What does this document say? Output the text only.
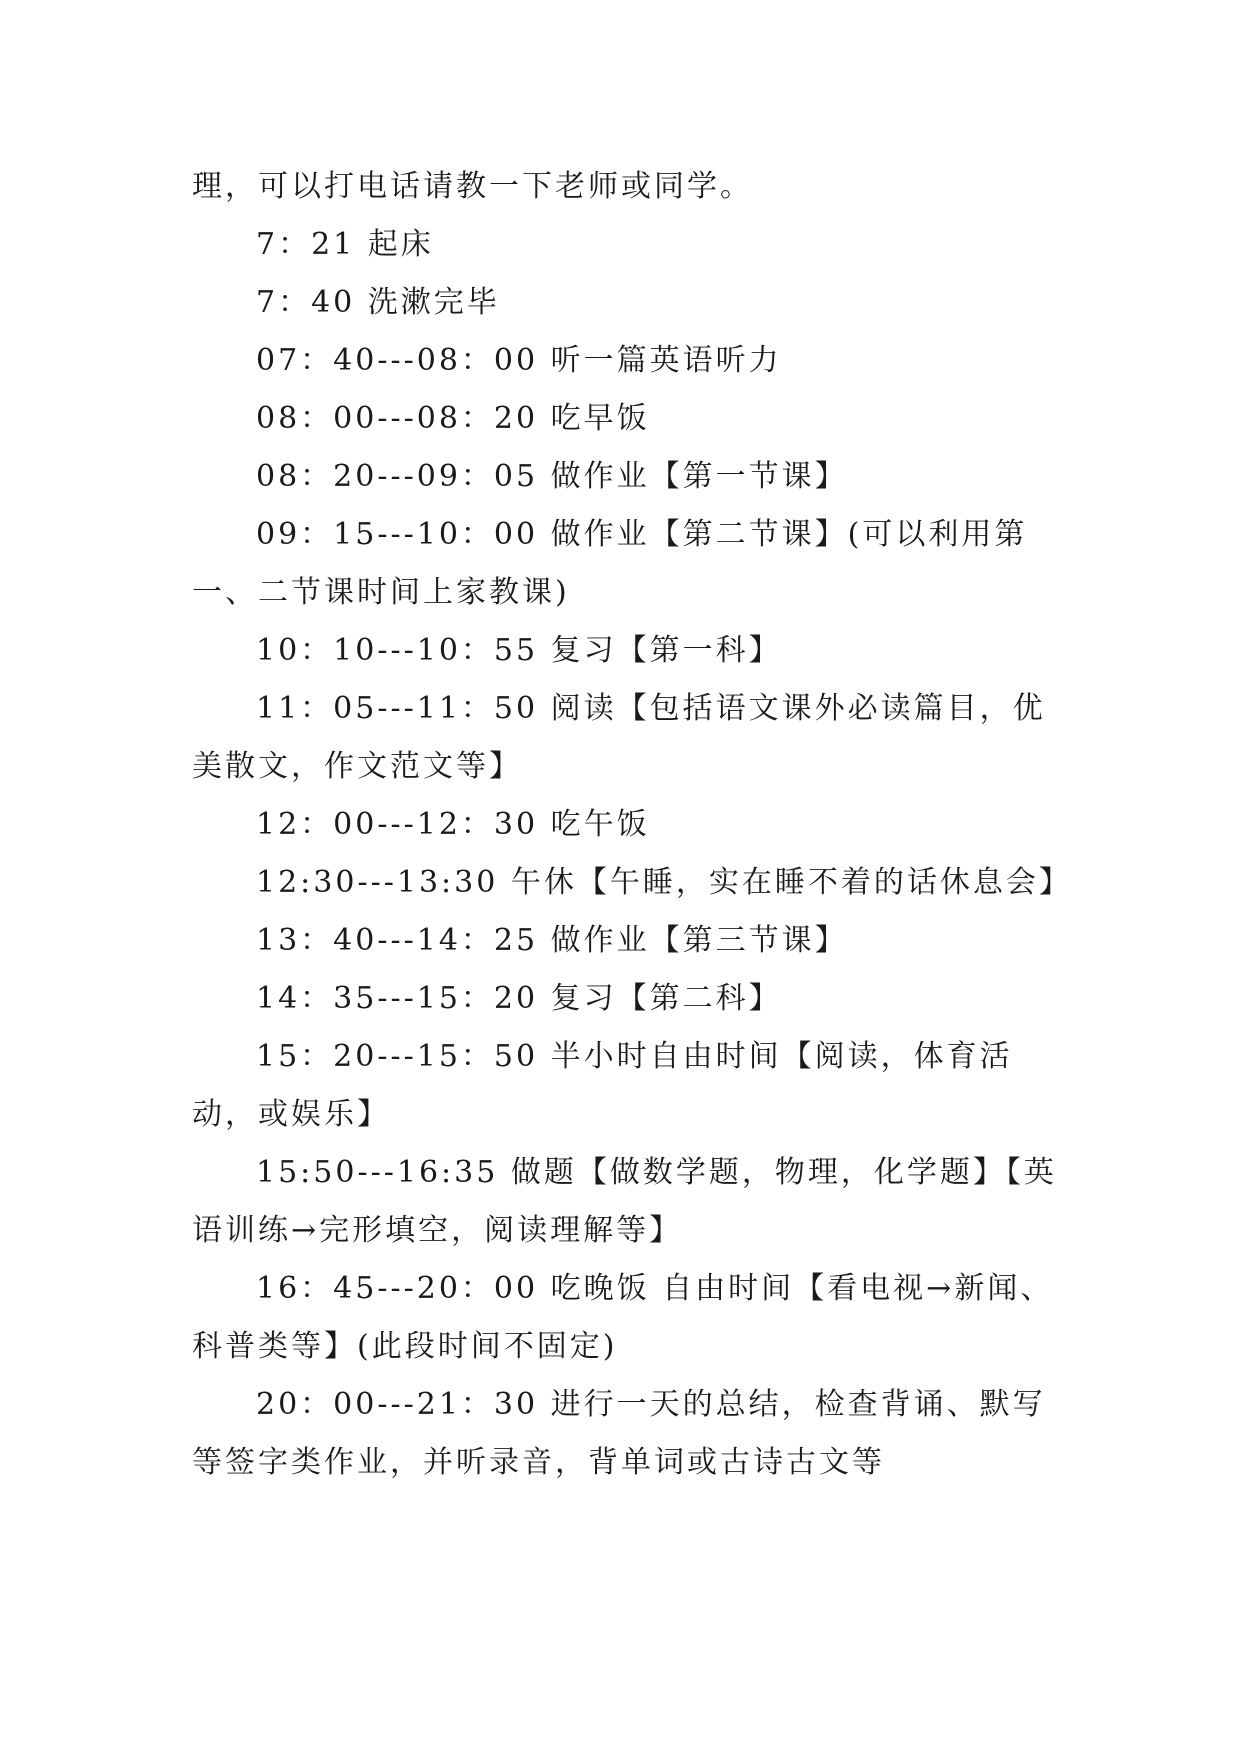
理，可以打电话请教一下老师或同学。

7：21 起床

7：40 洗漱完毕

07：40---08：00 听一篇英语听力

08：00---08：20 吃早饭

08：20---09：05 做作业【第一节课】

09：15---10：00 做作业【第二节课】(可以利用第一、二节课时间上家教课)

10：10---10：55 复习【第一科】

11：05---11：50 阅读【包括语文课外必读篇目，优美散文，作文范文等】

12：00---12：30 吃午饭

12:30---13:30 午休【午睡，实在睡不着的话休息会】

13：40---14：25 做作业【第三节课】

14：35---15：20 复习【第二科】

15：20---15：50 半小时自由时间【阅读，体育活动，或娱乐】

15:50---16:35 做题【做数学题，物理，化学题】【英语训练→完形填空，阅读理解等】

16：45---20：00 吃晚饭 自由时间【看电视→新闻、科普类等】(此段时间不固定)

20：00---21：30 进行一天的总结，检查背诵、默写等签字类作业，并听录音，背单词或古诗古文等
